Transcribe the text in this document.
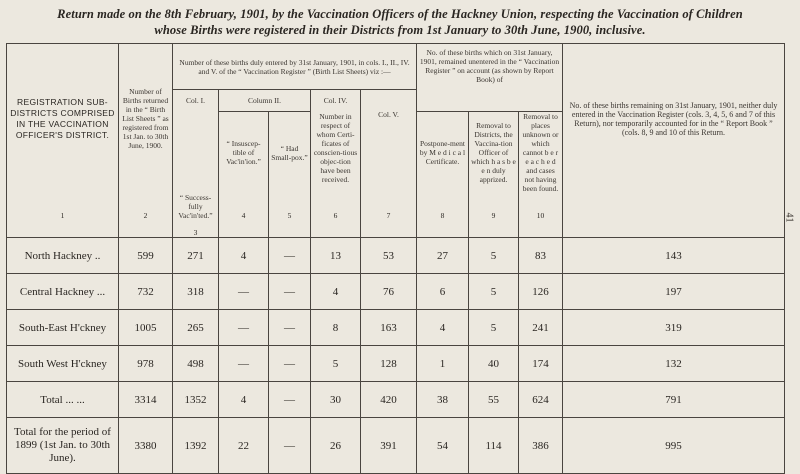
Return made on the 8th February, 1901, by the Vaccination Officers of the Hackney Union, respecting the Vaccination of Children
whose Births were registered in their Districts from 1st January to 30th June, 1900, inclusive.
41
REGISTRATION SUB-DISTRICTS COMPRISED IN THE VACCINATION OFFICER'S DISTRICT.	Number of Births returned in the “ Birth List Sheets ” as registered from 1st Jan. to 30th June, 1900.	Number of these births duly entered by 31st January, 1901, in cols. I., II., IV. and V. of the “ Vaccination Register ” (Birth List Sheets) viz :—					No. of these births which on 31st January, 1901, remained unentered in the “ Vaccination Register ” on account (as shown by Report Book) of			No. of these births remaining on 31st January, 1901, neither duly entered in the Vaccination Register (cols. 3, 4, 5, 6 and 7 of this Return), nor temporarily accounted for in the “ Report Book ” (cols. 8, 9 and 10 of this Return.
		Col. I.	Column II.		Col. IV.	Col. V.				
			“ Insuscep-tible of Vac'in'ion.”	“ Had Small-pox.”	Number in respect of whom Certi-ficates of conscien-tious objec-tion have been received.		Postpone-ment by M e d i c a l Certificate.	Removal to Districts, the Vaccina-tion Officer of which h a s b e e n duly apprized.	Removal to places unknown or which cannot b e r e a c h e d and cases not having been found.	
1	2	“ Success-fully Vac'in'ted.”
3	4	5	6	7	8	9	10	
North Hackney ..	599	271	4	—	13	53	27	5	83	143
Central Hackney ...	732	318	—	—	4	76	6	5	126	197
South-East H'ckney	1005	265	—	—	8	163	4	5	241	319
South West H'ckney	978	498	—	—	5	128	1	40	174	132
Total ... ...	3314	1352	4	—	30	420	38	55	624	791
Total for the period of 1899 (1st Jan. to 30th June).	3380	1392	22	—	26	391	54	114	386	995
